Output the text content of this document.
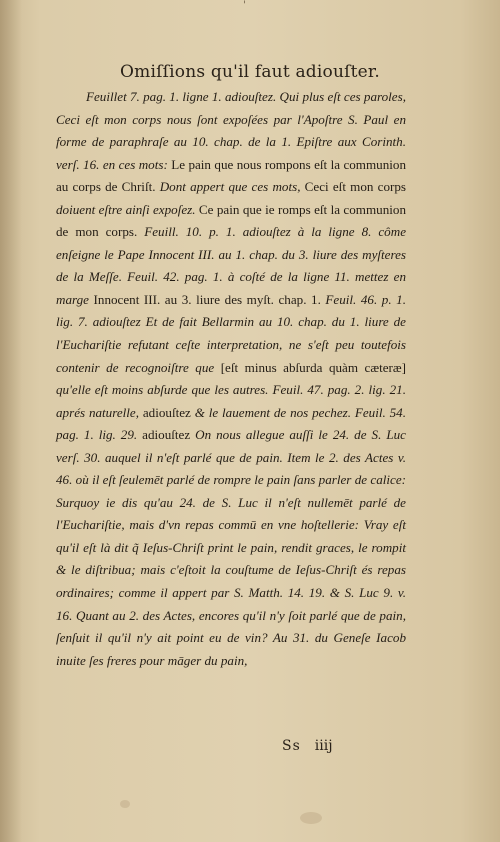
'
Omiſſions qu'il faut adiouſter.

Feuillet 7. pag. 1. ligne 1. adiouſtez. Qui plus eſt ces paroles, Ceci eſt mon corps nous ſont expoſées par l'Apoſtre S. Paul en forme de paraphraſe au 10. chap. de la 1. Epiſtre aux Corinth. verſ. 16. en ces mots: Le pain que nous rompons eſt la communion au corps de Chriſt. Dont appert que ces mots, Ceci eſt mon corps doiuent eſtre ainſi expoſez. Ce pain que ie romps eſt la communion de mon corps. Feuill. 10. p. 1. adiouſtez à la ligne 8. côme enſeigne le Pape Innocent III. au 1. chap. du 3. liure des myſteres de la Meſſe. Feuil. 42. pag. 1. à coſté de la ligne 11. mettez en marge Innocent III. au 3. liure des myſt. chap. 1. Feuil. 46. p. 1. lig. 7. adiouſtez Et de fait Bellarmin au 10. chap. du 1. liure de l'Euchariſtie refutant ceſte interpretation, ne s'eſt peu toutefois contenir de recognoiſtre que [eſt minus abſurda quàm cæteræ] qu'elle eſt moins abſurde que les autres. Feuil. 47. pag. 2. lig. 21. aprés naturelle, adiouſtez & le lauement de nos pechez. Feuil. 54. pag. 1. lig. 29. adiouſtez On nous allegue auſſi le 24. de S. Luc verſ. 30. auquel il n'eſt parlé que de pain. Item le 2. des Actes v. 46. où il eſt ſeulemēt parlé de rompre le pain ſans parler de calice: Surquoy ie dis qu'au 24. de S. Luc il n'eſt nullemēt parlé de l'Euchariſtie, mais d'vn repas commū en vne hoſtellerie: Vray eſt qu'il eſt là dit q̃ Ieſus-Chriſt print le pain, rendit graces, le rompit & le diſtribua; mais c'eſtoit la couſtume de Ieſus-Chriſt és repas ordinaires; comme il appert par S. Matth. 14. 19. & S. Luc 9. v. 16. Quant au 2. des Actes, encores qu'il n'y ſoit parlé que de pain, ſenſuit il qu'il n'y ait point eu de vin? Au 31. du Geneſe Iacob inuite ſes freres pour māger du pain,

Ss iiij
